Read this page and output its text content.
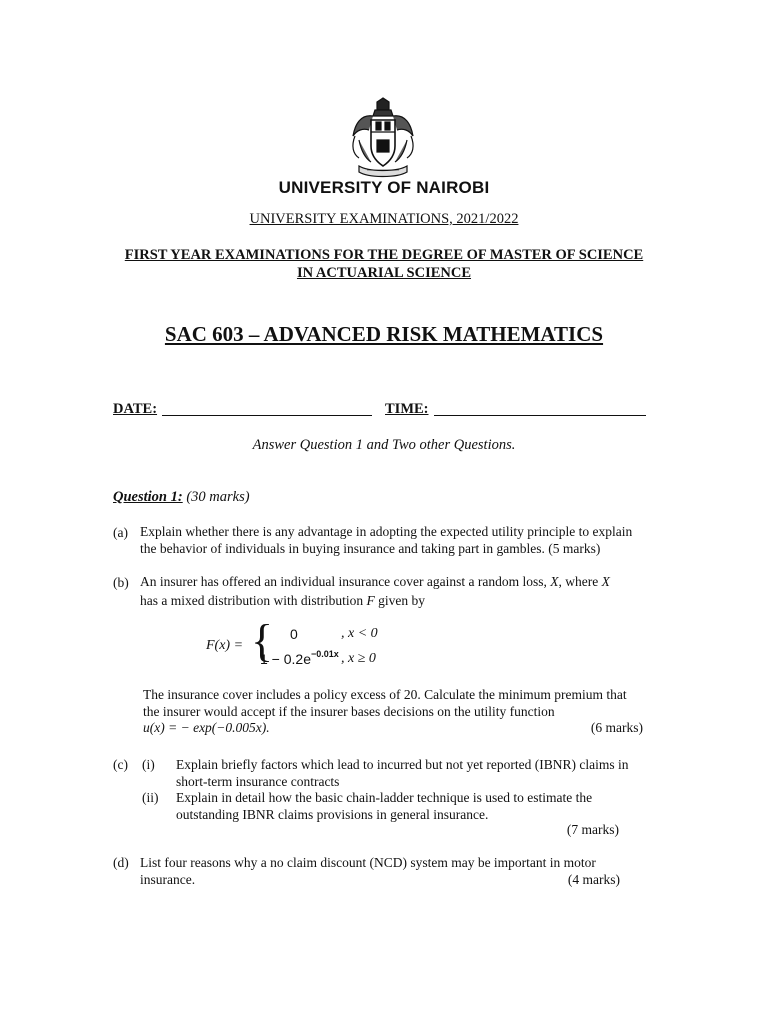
UNIVERSITY OF NAIROBI
UNIVERSITY EXAMINATIONS, 2021/2022
FIRST YEAR EXAMINATIONS FOR THE DEGREE OF MASTER OF SCIENCE
IN ACTUARIAL SCIENCE
SAC 603 – ADVANCED RISK MATHEMATICS
DATE:	TIME:
Answer Question 1 and Two other Questions.
Question 1: (30 marks)
(a) Explain whether there is any advantage in adopting the expected utility principle to explain
the behavior of individuals in buying insurance and taking part in gambles. (5 marks)
(b) An insurer has offered an individual insurance cover against a random loss, X, where X
has a mixed distribution with distribution F given by
F(x) = { 0	, x < 0
$1 - 0.2e^{-0.01x}$ , x ≥ 0
The insurance cover includes a policy excess of 20. Calculate the minimum premium that
the insurer would accept if the insurer bases decisions on the utility function
u(x) = − exp(−0.005x).	(6 marks)
(c) (i) Explain briefly factors which lead to incurred but not yet reported (IBNR) claims in
short-term insurance contracts
(ii) Explain in detail how the basic chain-ladder technique is used to estimate the
outstanding IBNR claims provisions in general insurance.
(7 marks)
(d) List four reasons why a no claim discount (NCD) system may be important in motor
insurance.	(4 marks)
